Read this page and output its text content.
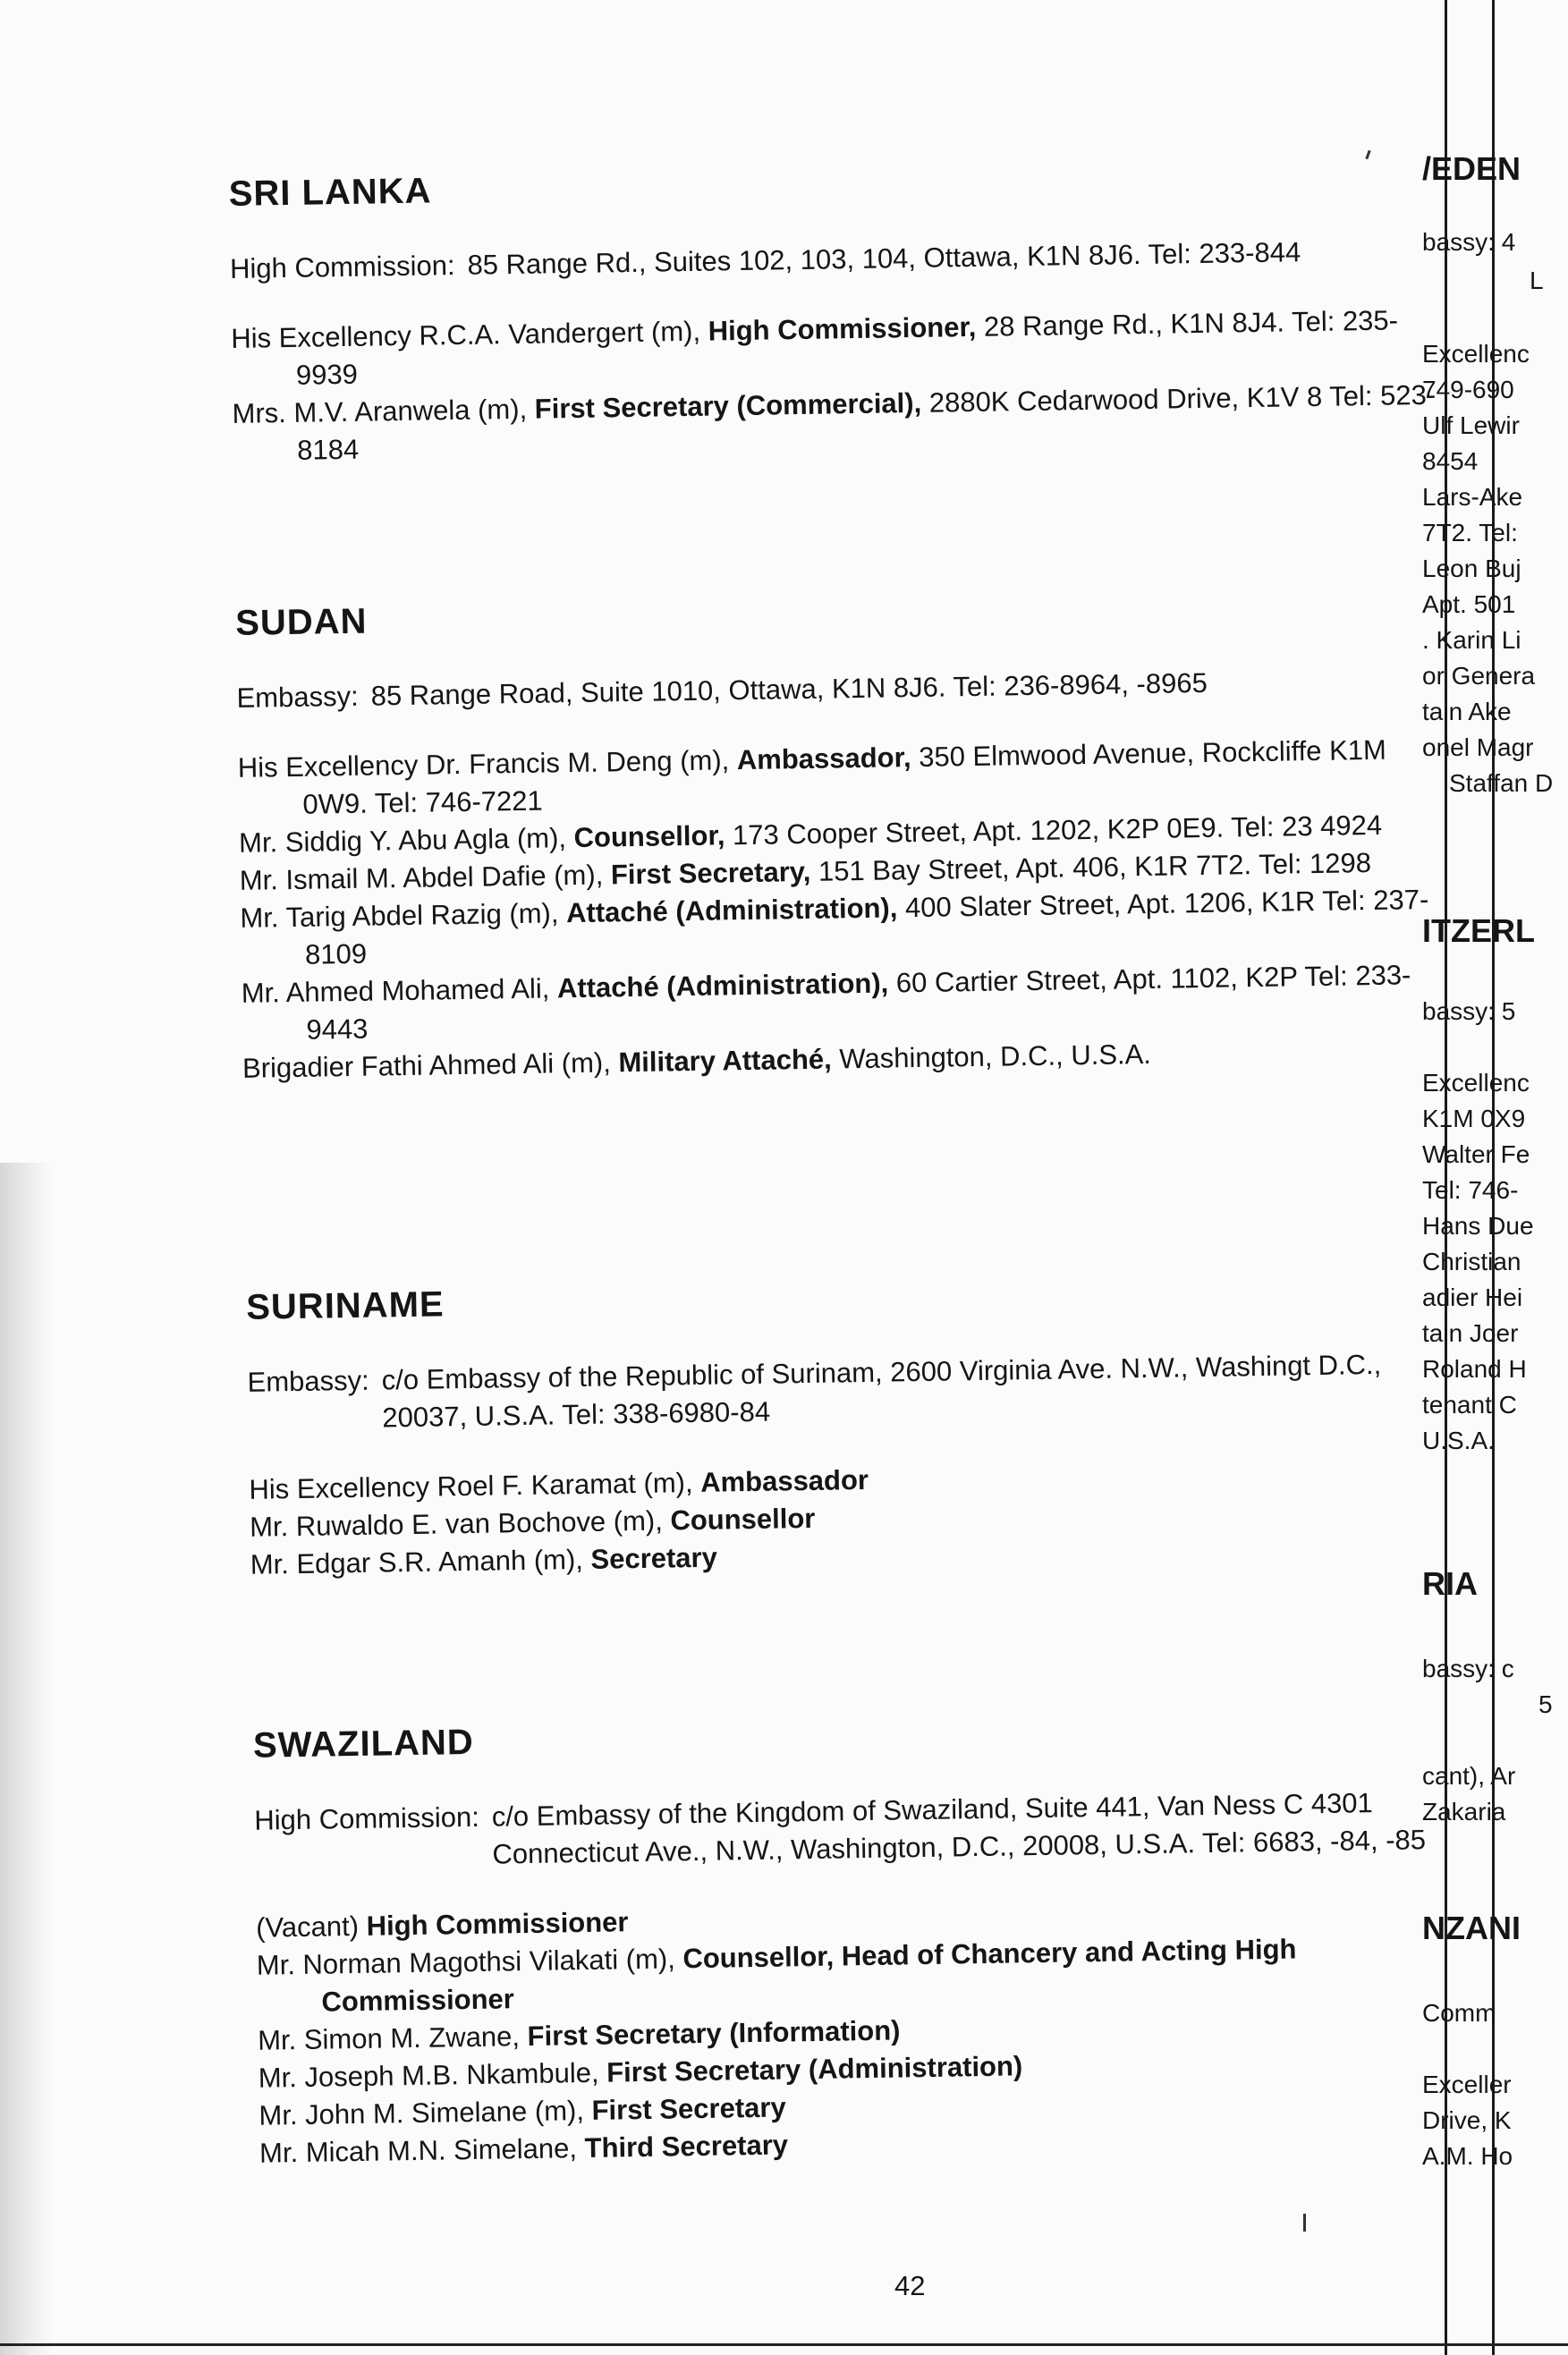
SRI LANKA
High Commission: 85 Range Rd., Suites 102, 103, 104, Ottawa, K1N 8J6. Tel: 233-844

His Excellency R.C.A. Vandergert (m), High Commissioner, 28 Range Rd., K1N 8J4. Tel: 235-9939

Mrs. M.V. Aranwela (m), First Secretary (Commercial), 2880K Cedarwood Drive, K1V 8 Tel: 523-8184

SUDAN
Embassy: 85 Range Road, Suite 1010, Ottawa, K1N 8J6. Tel: 236-8964, -8965

His Excellency Dr. Francis M. Deng (m), Ambassador, 350 Elmwood Avenue, Rockcliffe K1M 0W9. Tel: 746-7221

Mr. Siddig Y. Abu Agla (m), Counsellor, 173 Cooper Street, Apt. 1202, K2P 0E9. Tel: 23 4924

Mr. Ismail M. Abdel Dafie (m), First Secretary, 151 Bay Street, Apt. 406, K1R 7T2. Tel: 1298

Mr. Tarig Abdel Razig (m), Attaché (Administration), 400 Slater Street, Apt. 1206, K1R Tel: 237-8109

Mr. Ahmed Mohamed Ali, Attaché (Administration), 60 Cartier Street, Apt. 1102, K2P Tel: 233-9443

Brigadier Fathi Ahmed Ali (m), Military Attaché, Washington, D.C., U.S.A.

SURINAME
Embassy: c/o Embassy of the Republic of Surinam, 2600 Virginia Ave. N.W., Washingt D.C., 20037, U.S.A. Tel: 338-6980-84

His Excellency Roel F. Karamat (m), Ambassador

Mr. Ruwaldo E. van Bochove (m), Counsellor

Mr. Edgar S.R. Amanh (m), Secretary

SWAZILAND
High Commission: c/o Embassy of the Kingdom of Swaziland, Suite 441, Van Ness C 4301 Connecticut Ave., N.W., Washington, D.C., 20008, U.S.A. Tel: 6683, -84, -85

(Vacant) High Commissioner

Mr. Norman Magothsi Vilakati (m), Counsellor, Head of Chancery and Acting High Commissioner

Mr. Simon M. Zwane, First Secretary (Information)

Mr. Joseph M.B. Nkambule, First Secretary (Administration)

Mr. John M. Simelane (m), First Secretary

Mr. Micah M.N. Simelane, Third Secretary

/EDEN
bassy: 4
L
Excellenc
749-690
Ulf Lewir
8454
Lars-Ake
7T2. Tel:
Leon Buj
Apt. 501
. Karin Li
or Genera
tain Ake
onel Magr
Staffan D
ITZERL
bassy: 5
Excellenc
K1M 0X9
Walter Fe
Tel: 746-
Hans Due
Christian
adier Hei
tain Joer
Roland H
tenant C
U.S.A.
RIA
bassy: c
5
cant), Ar
Zakaria
NZANI
Comm
Exceller
Drive, K
A.M. Ho
42
